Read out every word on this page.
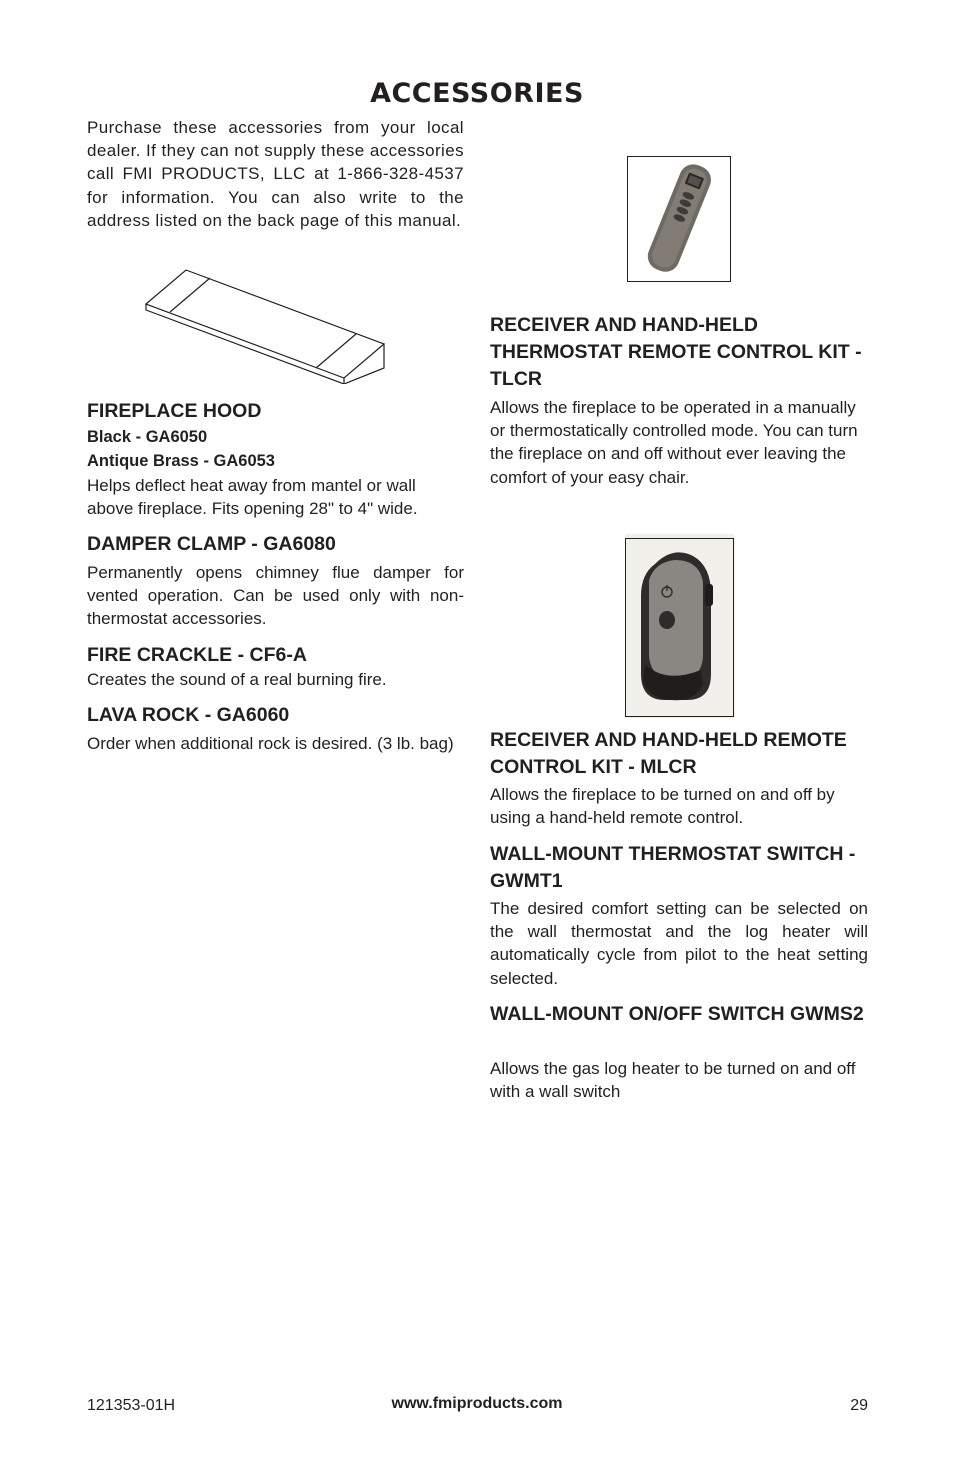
ACCESSORIES
Purchase these accessories from your local dealer. If they can not supply these accessories call FMI PRODUCTS, LLC at 1-866-328-4537 for information. You can also write to the address listed on the back page of this manual.
FIREPLACE HOOD
Black - GA6050
Antique Brass - GA6053
Helps deflect heat away from mantel or wall above fireplace. Fits opening 28" to 4" wide.
DAMPER CLAMP - GA6080
Permanently opens chimney flue damper for vented operation. Can be used only with non-thermostat accessories.
FIRE CRACKLE - CF6-A
Creates the sound of a real burning fire.
LAVA ROCK - GA6060
Order when additional rock is desired. (3 lb. bag)
RECEIVER AND HAND-HELD THERMOSTAT REMOTE CONTROL KIT - TLCR
Allows the fireplace to be operated in a manually or thermostatically controlled mode. You can turn the fireplace on and off without ever leaving the comfort of your easy chair.
RECEIVER AND HAND-HELD REMOTE CONTROL KIT - MLCR
Allows the fireplace to be turned on and off by using a hand-held remote control.
WALL-MOUNT THERMOSTAT SWITCH - GWMT1
The desired comfort setting can be selected on the wall thermostat and the log heater will automatically cycle from pilot to the heat setting selected.
WALL-MOUNT ON/OFF SWITCH GWMS2
Allows the gas log heater to be turned on and off with a wall switch
121353-01H	www.fmiproducts.com	29
